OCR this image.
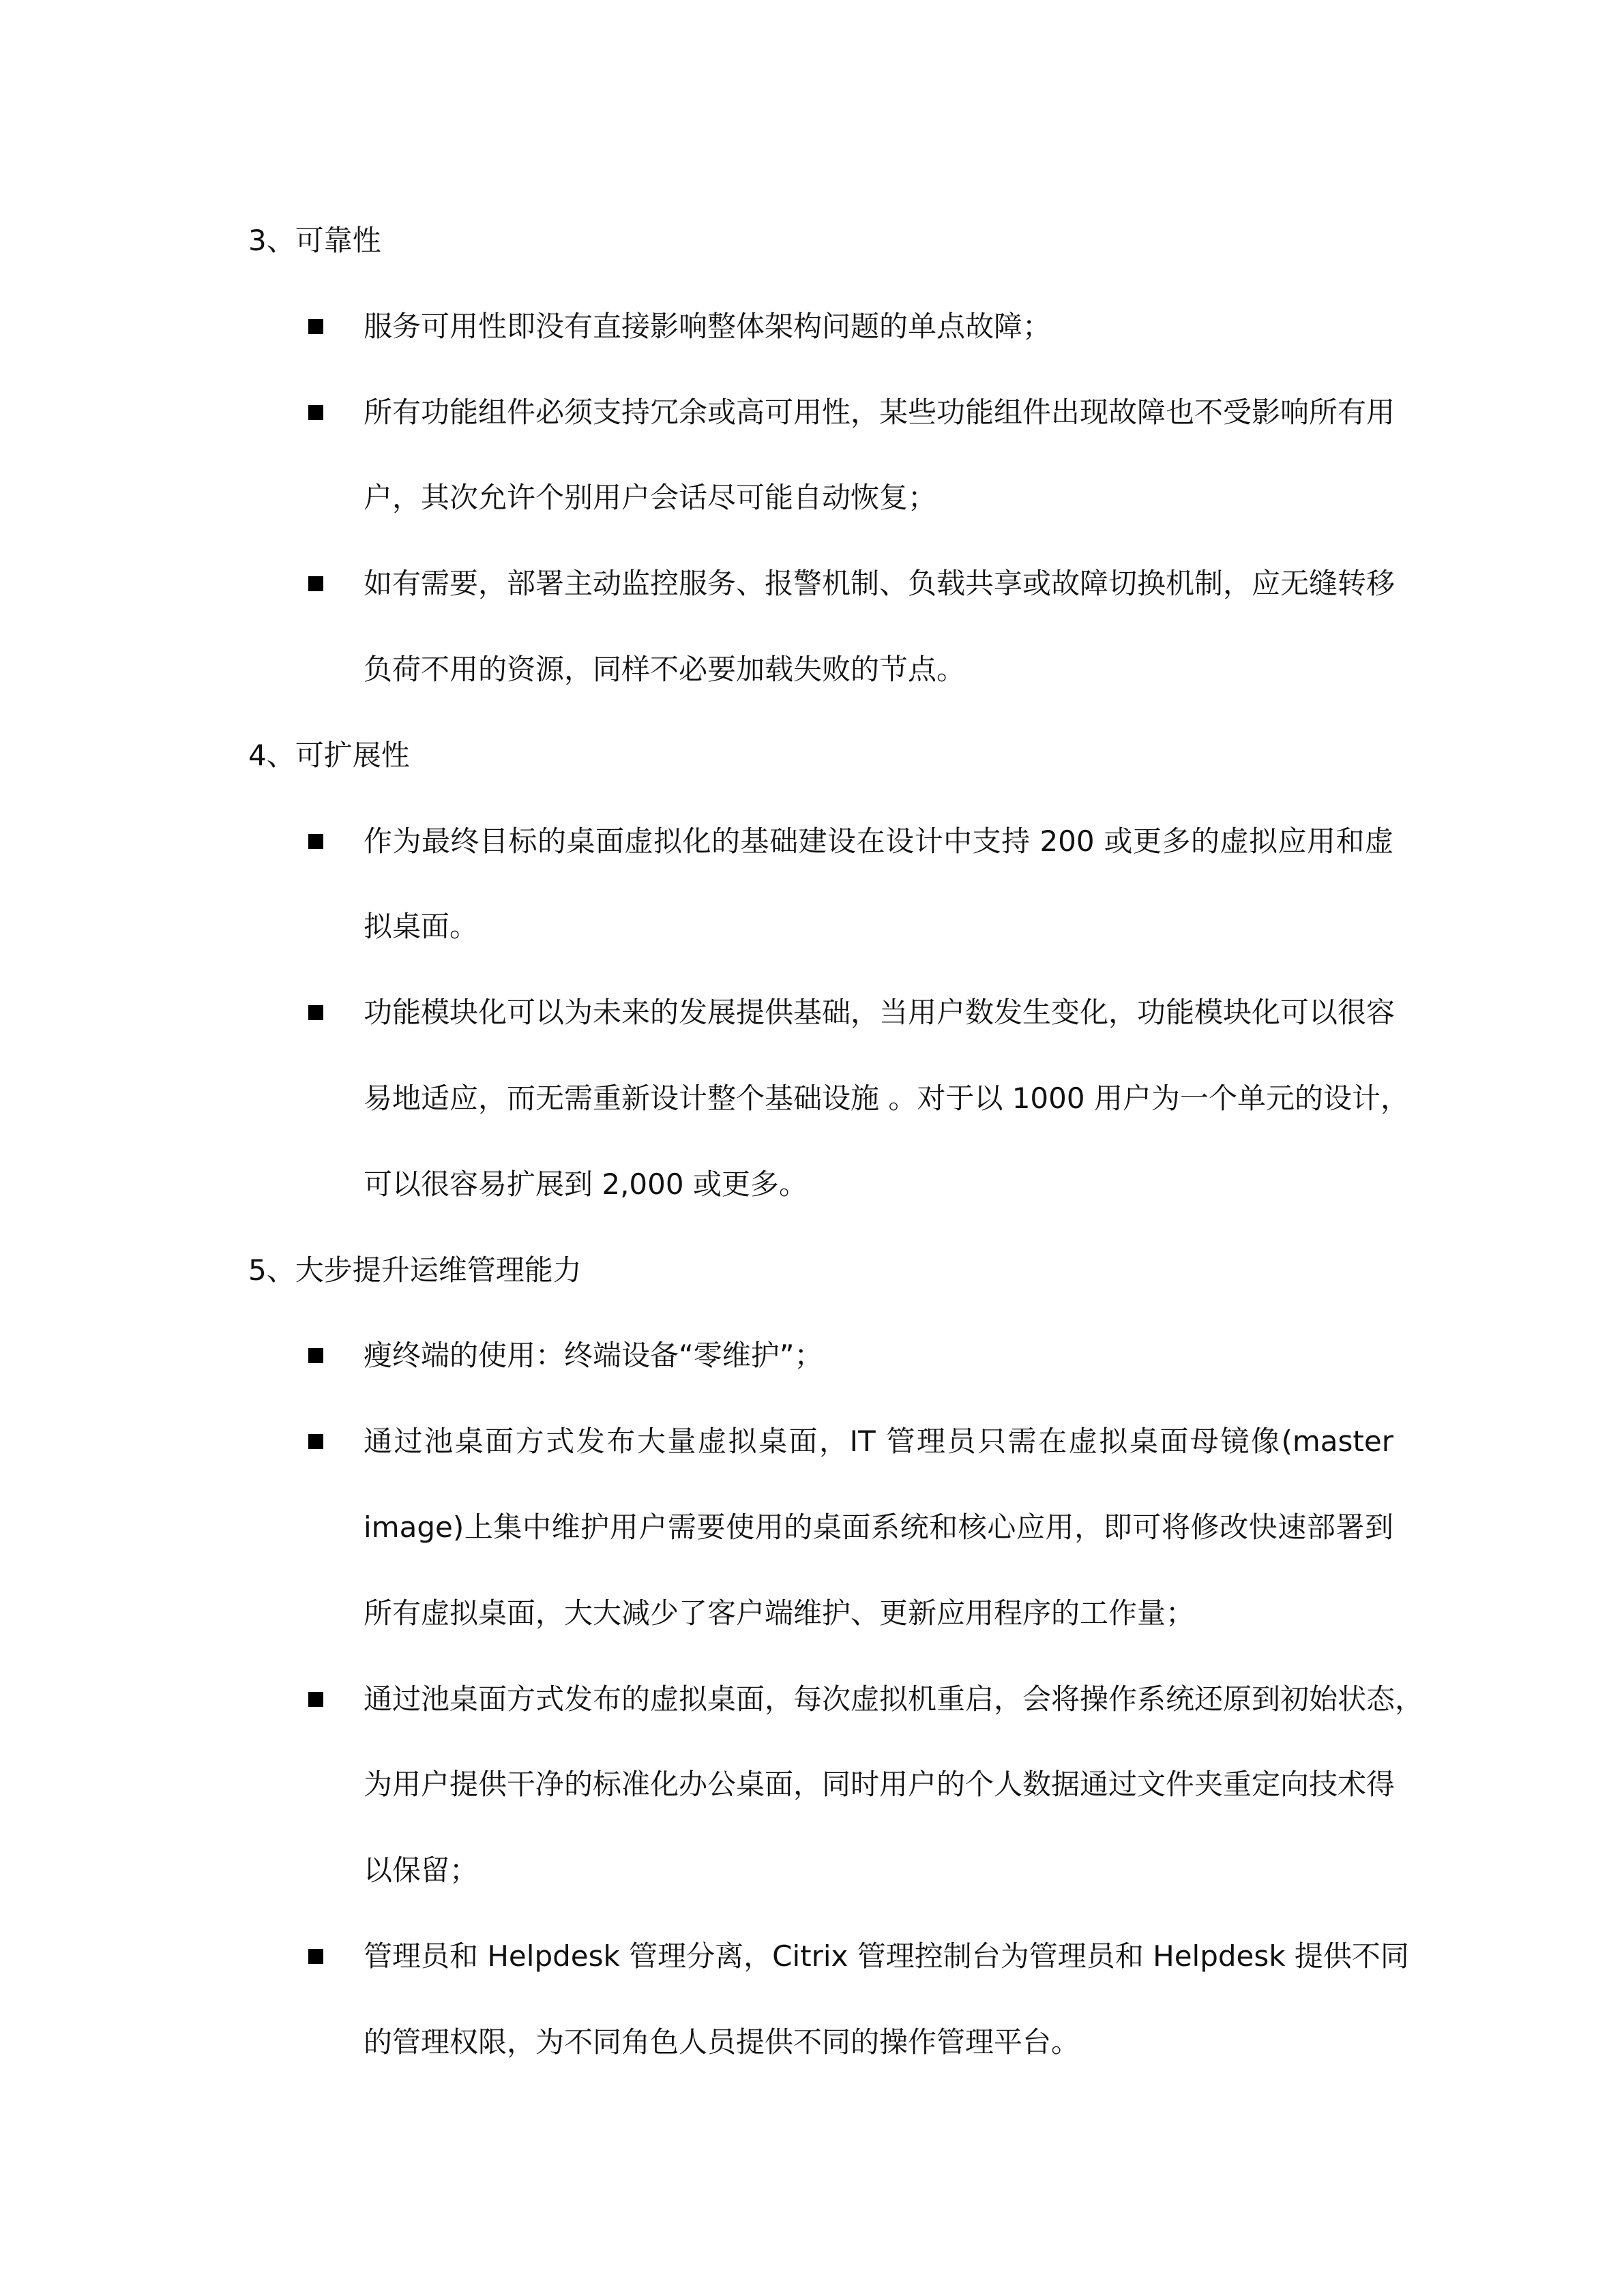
3、可靠性
服务可用性即没有直接影响整体架构问题的单点故障；
所有功能组件必须支持冗余或高可用性，某些功能组件出现故障也不受影响所有用
户，其次允许个别用户会话尽可能自动恢复；
如有需要，部署主动监控服务、报警机制、负载共享或故障切换机制，应无缝转移
负荷不用的资源，同样不必要加载失败的节点。
4、可扩展性
作为最终目标的桌面虚拟化的基础建设在设计中支持 200 或更多的虚拟应用和虚
拟桌面。
功能模块化可以为未来的发展提供基础，当用户数发生变化，功能模块化可以很容
易地适应，而无需重新设计整个基础设施 。对于以 1000 用户为一个单元的设计，
可以很容易扩展到 2,000 或更多。
5、大步提升运维管理能力
瘦终端的使用：终端设备“零维护”；
通过池桌面方式发布大量虚拟桌面，IT 管理员只需在虚拟桌面母镜像(master
image)上集中维护用户需要使用的桌面系统和核心应用，即可将修改快速部署到
所有虚拟桌面，大大减少了客户端维护、更新应用程序的工作量；
通过池桌面方式发布的虚拟桌面，每次虚拟机重启，会将操作系统还原到初始状态，
为用户提供干净的标准化办公桌面，同时用户的个人数据通过文件夹重定向技术得
以保留；
管理员和 Helpdesk 管理分离，Citrix 管理控制台为管理员和 Helpdesk 提供不同
的管理权限，为不同角色人员提供不同的操作管理平台。
